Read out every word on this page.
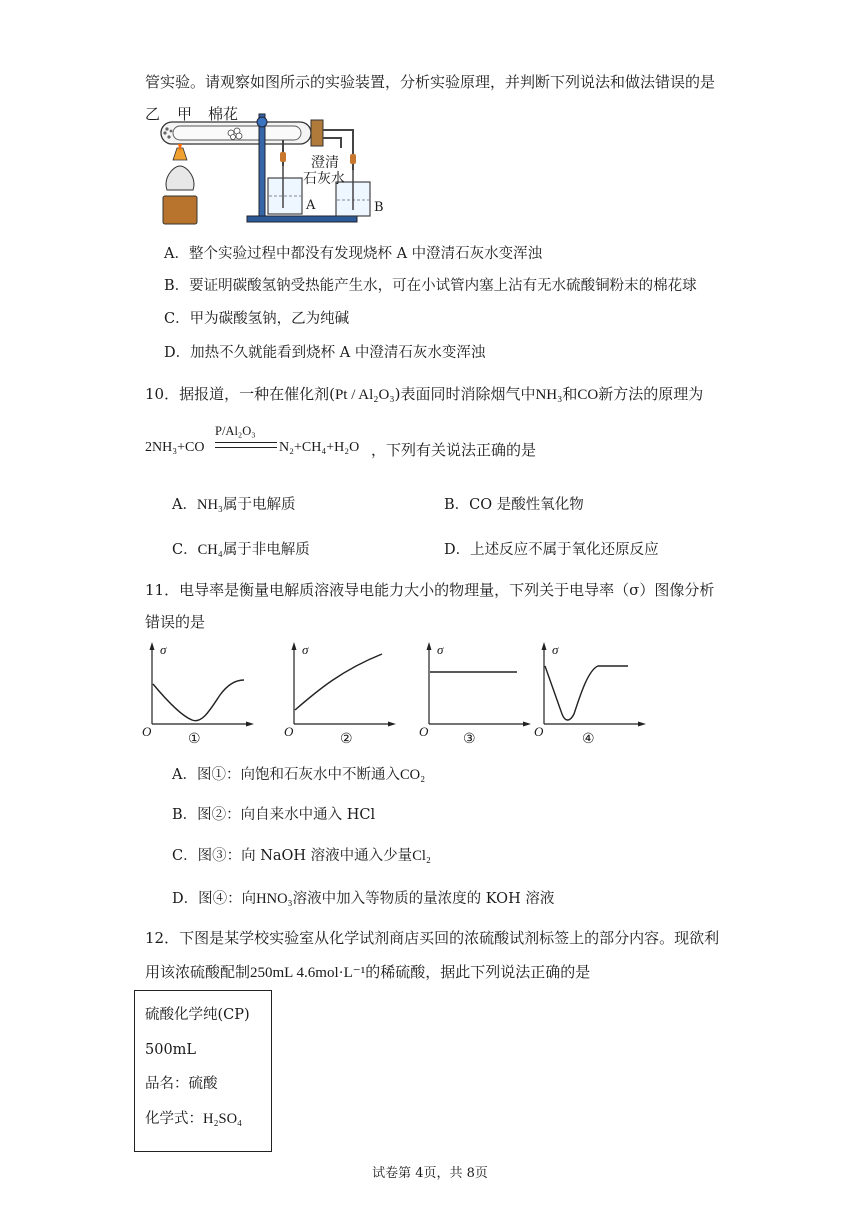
管实验。请观察如图所示的实验装置，分析实验原理，并判断下列说法和做法错误的是
乙 甲 棉花
澄清
石灰水
A	B
A．整个实验过程中都没有发现烧杯 A 中澄清石灰水变浑浊
B．要证明碳酸氢钠受热能产生水，可在小试管内塞上沾有无水硫酸铜粉末的棉花球
C．甲为碳酸氢钠，乙为纯碱
D．加热不久就能看到烧杯 A 中澄清石灰水变浑浊
10．据报道，一种在催化剂(Pt / Al₂O₃)表面同时消除烟气中NH₃和CO新方法的原理为
2NH₃+CO
P/Al₂O₃
N₂+CH₄+H₂O ，下列有关说法正确的是
A．NH₃属于电解质	B．CO 是酸性氧化物
C．CH₄属于非电解质	D．上述反应不属于氧化还原反应
11．电导率是衡量电解质溶液导电能力大小的物理量，下列关于电导率（σ）图像分析
错误的是
σ
O	①
σ
O	②
σ
O ③
σ
O	④
A．图①：向饱和石灰水中不断通入CO₂
B．图②：向自来水中通入 HCl
C．图③：向 NaOH 溶液中通入少量Cl₂
D．图④：向HNO₃溶液中加入等物质的量浓度的 KOH 溶液
12．下图是某学校实验室从化学试剂商店买回的浓硫酸试剂标签上的部分内容。现欲利
用该浓硫酸配制250mL 4.6mol·L⁻¹的稀硫酸，据此下列说法正确的是
硫酸化学纯(CP)
500mL
品名：硫酸
化学式：H₂SO₄
试卷第 4页，共 8页
